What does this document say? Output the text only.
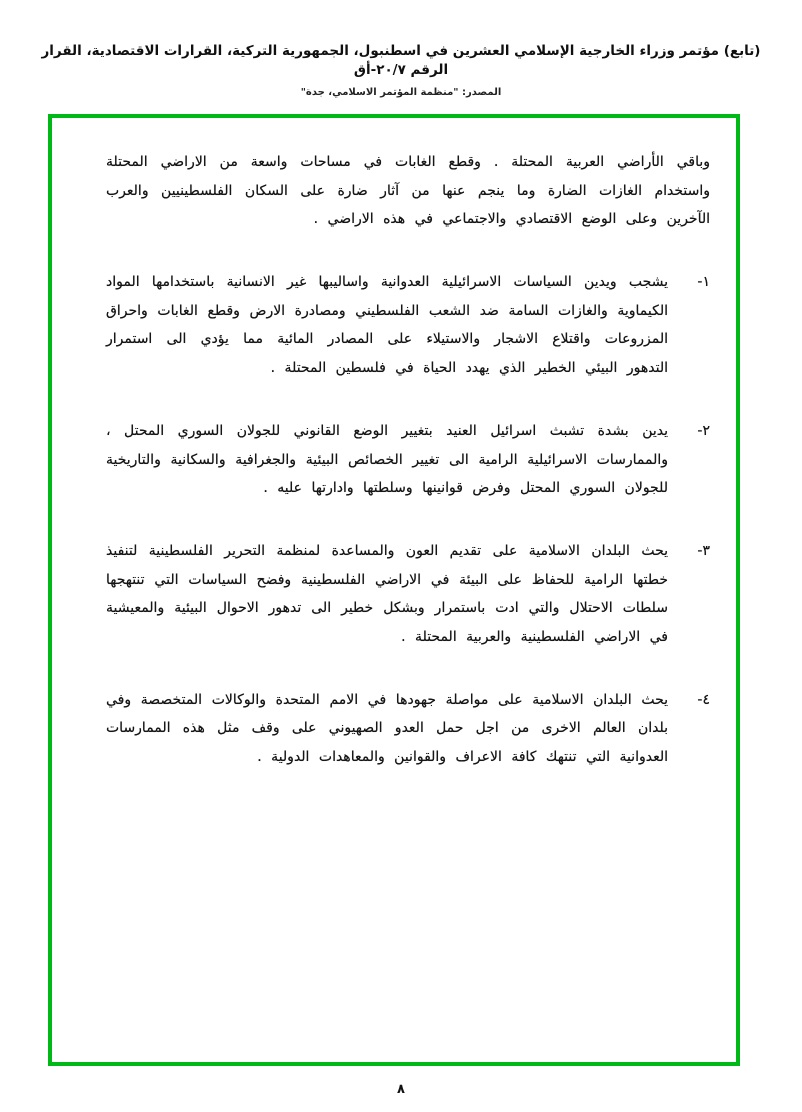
(تابع) مؤتمر وزراء الخارجية الإسلامي العشرين في اسطنبول، الجمهورية التركية، القرارات الاقتصادية، القرار الرقم ٢٠/٧-أق
المصدر: "منظمة المؤتمر الاسلامي، جدة"

وباقي الأراضي العربية المحتلة . وقطع الغابات في مساحات واسعة من الاراضي المحتلة واستخدام الغازات الضارة وما ينجم عنها من آثار ضارة على السكان الفلسطينيين والعرب الآخرين وعلى الوضع الاقتصادي والاجتماعي في هذه الاراضي .

١-

يشجب ويدين السياسات الاسرائيلية العدوانية واساليبها غير الانسانية باستخدامها المواد الكيماوية والغازات السامة ضد الشعب الفلسطيني ومصادرة الارض وقطع الغابات واحراق المزروعات واقتلاع الاشجار والاستيلاء على المصادر المائية مما يؤدي الى استمرار التدهور البيئي الخطير الذي يهدد الحياة في فلسطين المحتلة .

٢-

يدين بشدة تشبث اسرائيل العنيد بتغيير الوضع القانوني للجولان السوري المحتل ، والممارسات الاسرائيلية الرامية الى تغيير الخصائص البيئية والجغرافية والسكانية والتاريخية للجولان السوري المحتل وفرض قوانينها وسلطتها وادارتها عليه .

٣-

يحث البلدان الاسلامية على تقديم العون والمساعدة لمنظمة التحرير الفلسطينية لتنفيذ خطتها الرامية للحفاظ على البيئة في الاراضي الفلسطينية وفضح السياسات التي تنتهجها سلطات الاحتلال والتي ادت باستمرار وبشكل خطير الى تدهور الاحوال البيئية والمعيشية في الاراضي الفلسطينية والعربية المحتلة .

٤-

يحث البلدان الاسلامية على مواصلة جهودها في الامم المتحدة والوكالات المتخصصة وفي بلدان العالم الاخرى من اجل حمل العدو الصهيوني على وقف مثل هذه الممارسات العدوانية التي تنتهك كافة الاعراف والقوانين والمعاهدات الدولية .

٨
